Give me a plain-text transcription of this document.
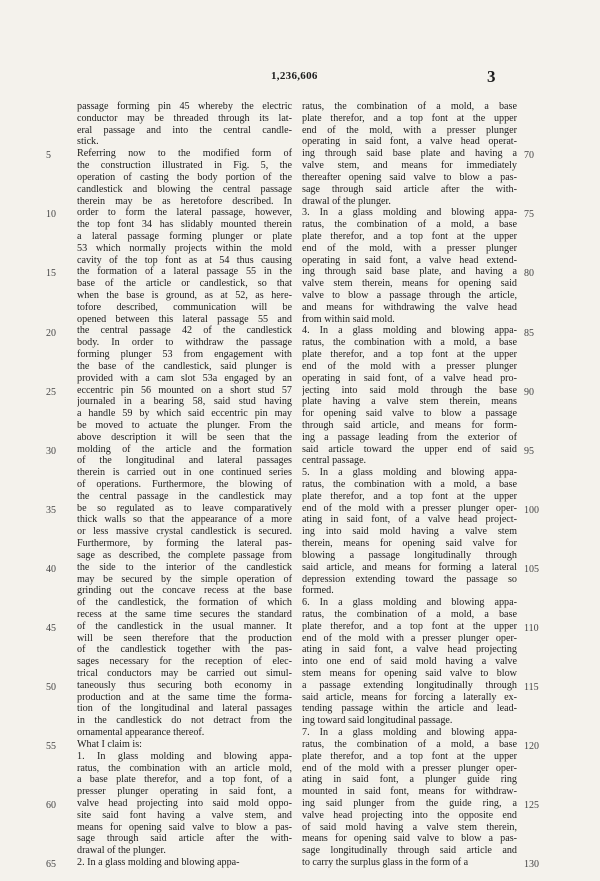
1,236,606	3
passage forming pin 45 whereby the electric
conductor may be threaded through its lat-
eral passage and into the central candle-
stick.
Referring now to the modified form of
the construction illustrated in Fig. 5, the
operation of casting the body portion of the
candlestick and blowing the central passage
therein may be as heretofore described. In
order to form the lateral passage, however,
the top font 34 has slidably mounted therein
a lateral passage forming plunger or plate
53 which normally projects within the mold
cavity of the top font as at 54 thus causing
the formation of a lateral passage 55 in the
base of the article or candlestick, so that
when the base is ground, as at 52, as here-
tofore described, communication will be
opened between this lateral passage 55 and
the central passage 42 of the candlestick
body. In order to withdraw the passage
forming plunger 53 from engagement with
the base of the candlestick, said plunger is
provided with a cam slot 53a engaged by an
eccentric pin 56 mounted on a short stud 57
journaled in a bearing 58, said stud having
a handle 59 by which said eccentric pin may
be moved to actuate the plunger. From the
above description it will be seen that the
molding of the article and the formation
of the longitudinal and lateral passages
therein is carried out in one continued series
of operations. Furthermore, the blowing of
the central passage in the candlestick may
be so regulated as to leave comparatively
thick walls so that the appearance of a more
or less massive crystal candlestick is secured.
Furthermore, by forming the lateral pas-
sage as described, the complete passage from
the side to the interior of the candlestick
may be secured by the simple operation of
grinding out the concave recess at the base
of the candlestick, the formation of which
recess at the same time secures the standard
of the candlestick in the usual manner. It
will be seen therefore that the production
of the candlestick together with the pas-
sages necessary for the reception of elec-
trical conductors may be carried out simul-
taneously thus securing both economy in
production and at the same time the forma-
tion of the longitudinal and lateral passages
in the candlestick do not detract from the
ornamental appearance thereof.
What I claim is:
1. In glass molding and blowing appa-
ratus, the combination with an article mold,
a base plate therefor, and a top font, of a
presser plunger operating in said font, a
valve head projecting into said mold oppo-
site said font having a valve stem, and
means for opening said valve to blow a pas-
sage through said article after the with-
drawal of the plunger.
2. In a glass molding and blowing appa-
ratus, the combination of a mold, a base
plate therefor, and a top font at the upper
end of the mold, with a presser plunger
operating in said font, a valve head operat-
ing through said base plate and having a
valve stem, and means for immediately
thereafter opening said valve to blow a pas-
sage through said article after the with-
drawal of the plunger.
3. In a glass molding and blowing appa-
ratus, the combination of a mold, a base
plate therefor, and a top font at the upper
end of the mold, with a presser plunger
operating in said font, a valve head extend-
ing through said base plate, and having a
valve stem therein, means for opening said
valve to blow a passage through the article,
and means for withdrawing the valve head
from within said mold.
4. In a glass molding and blowing appa-
ratus, the combination with a mold, a base
plate therefor, and a top font at the upper
end of the mold with a presser plunger
operating in said font, of a valve head pro-
jecting into said mold through the base
plate having a valve stem therein, means
for opening said valve to blow a passage
through said article, and means for form-
ing a passage leading from the exterior of
said article toward the upper end of said
central passage.
5. In a glass molding and blowing appa-
ratus, the combination with a mold, a base
plate therefor, and a top font at the upper
end of the mold with a presser plunger oper-
ating in said font, of a valve head project-
ing into said mold having a valve stem
therein, means for opening said valve for
blowing a passage longitudinally through
said article, and means for forming a lateral
depression extending toward the passage so
formed.
6. In a glass molding and blowing appa-
ratus, the combination of a mold, a base
plate therefor, and a top font at the upper
end of the mold with a presser plunger oper-
ating in said font, a valve head projecting
into one end of said mold having a valve
stem means for opening said valve to blow
a passage extending longitudinally through
said article, means for forcing a laterally ex-
tending passage within the article and lead-
ing toward said longitudinal passage.
7. In a glass molding and blowing appa-
ratus, the combination of a mold, a base
plate therefor, and a top font at the upper
end of the mold with a presser plunger oper-
ating in said font, a plunger guide ring
mounted in said font, means for withdraw-
ing said plunger from the guide ring, a
valve head projecting into the opposite end
of said mold having a valve stem therein,
means for opening said valve to blow a pas-
sage longitudinally through said article and
to carry the surplus glass in the form of a
5
10
15
20
25
30
35
40
45
50
55
60
65
70
75
80
85
90
95
100
105
110
115
120
125
130
